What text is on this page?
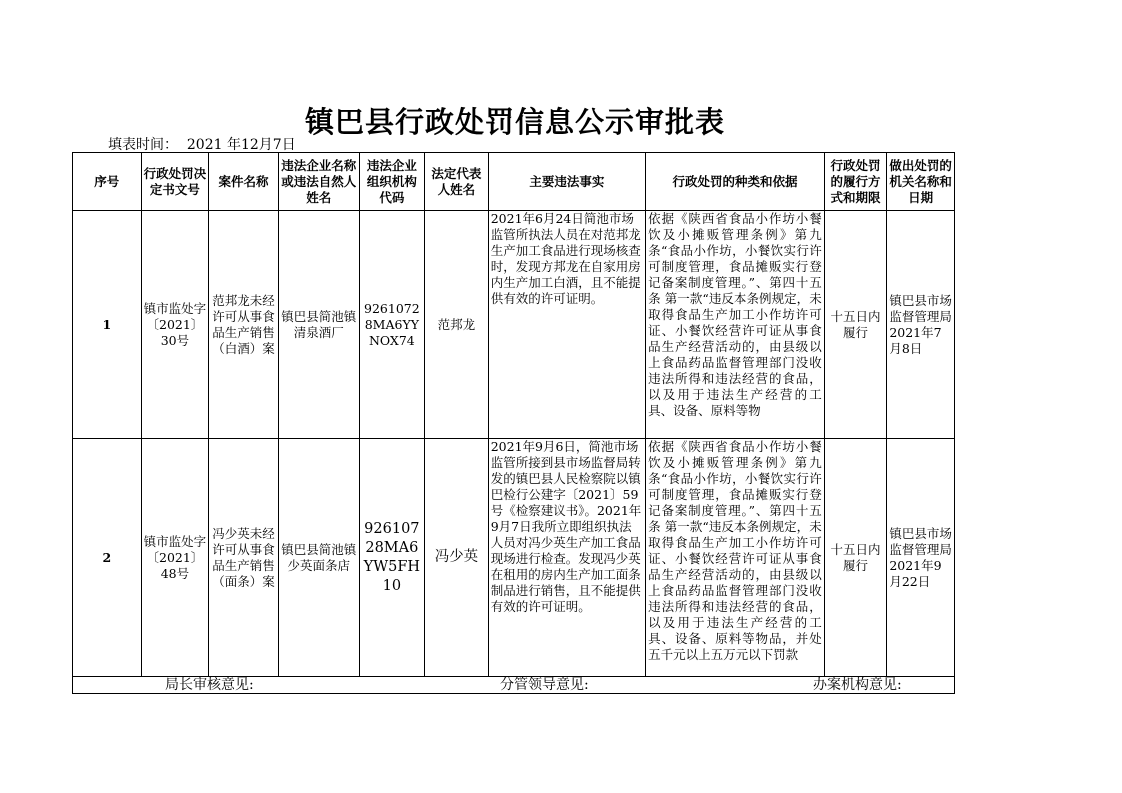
镇巴县行政处罚信息公示审批表
填表时间：  2021 年12月7日
序号	行政处罚决定书文号	案件名称	违法企业名称或违法自然人姓名	违法企业组织机构代码	法定代表人姓名	主要违法事实	行政处罚的种类和依据	行政处罚的履行方式和期限	做出处罚的机关名称和日期
1	镇市监处字〔2021〕30号	范邦龙未经许可从事食品生产销售（白酒）案	镇巴县简池镇清泉酒厂	92610728MA6YYNOX74	范邦龙	2021年6月24日简池市场监管所执法人员在对范邦龙生产加工食品进行现场核查时，发现方邦龙在自家用房内生产加工白酒，且不能提供有效的许可证明。	依据《陕西省食品小作坊小餐饮及小摊贩管理条例》第九条“食品小作坊，小餐饮实行许可制度管理，食品摊贩实行登记备案制度管理。”、第四十五条 第一款“违反本条例规定，未取得食品生产加工小作坊许可证、小餐饮经营许可证从事食品生产经营活动的，由县级以上食品药品监督管理部门没收违法所得和违法经营的食品，以及用于违法生产经营的工具、设备、原料等物	十五日内履行	镇巴县市场监督管理局 2021年7月8日
2	镇市监处字〔2021〕48号	冯少英未经许可从事食品生产销售（面条）案	镇巴县简池镇少英面条店	92610728MA6YW5FH10	冯少英	2021年9月6日，简池市场监管所接到县市场监督局转发的镇巴县人民检察院以镇巴检行公建字〔2021〕59号《检察建议书》。2021年9月7日我所立即组织执法人员对冯少英生产加工食品现场进行检查。发现冯少英在租用的房内生产加工面条制品进行销售，且不能提供有效的许可证明。	依据《陕西省食品小作坊小餐饮及小摊贩管理条例》第九条“食品小作坊，小餐饮实行许可制度管理，食品摊贩实行登记备案制度管理。”、第四十五条 第一款“违反本条例规定，未取得食品生产加工小作坊许可证、小餐饮经营许可证从事食品生产经营活动的，由县级以上食品药品监督管理部门没收违法所得和违法经营的食品，以及用于违法生产经营的工具、设备、原料等物品，并处五千元以上五万元以下罚款	十五日内履行	镇巴县市场监督管理局 2021年9月22日

局长审核意见: 分管领导意见: 办案机构意见:									
